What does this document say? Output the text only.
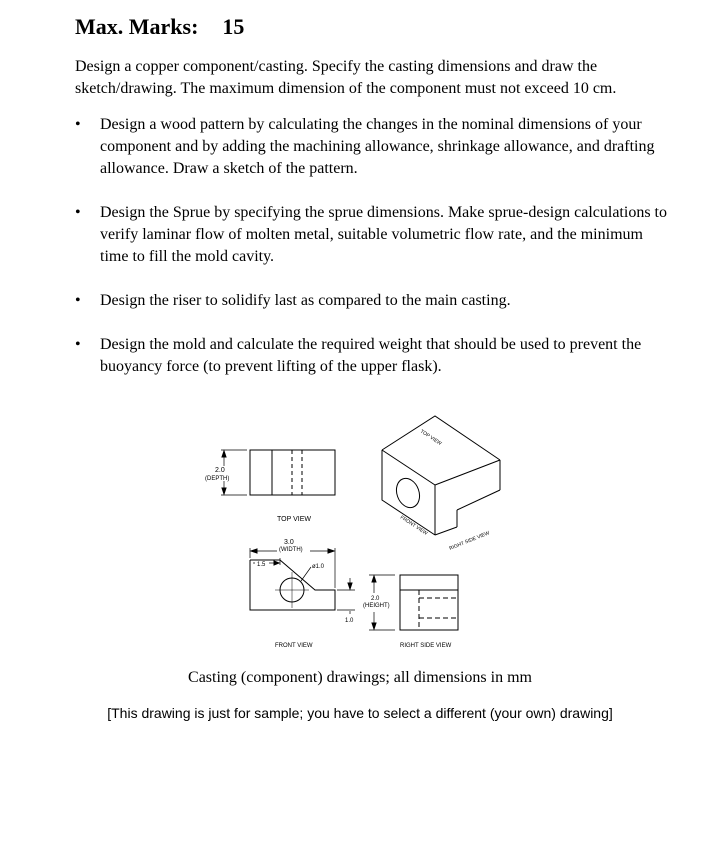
Max. Marks: 15
Design a copper component/casting. Specify the casting dimensions and draw the sketch/drawing. The maximum dimension of the component must not exceed 10 cm.
• Design a wood pattern by calculating the changes in the nominal dimensions of your component and by adding the machining allowance, shrinkage allowance, and drafting allowance. Draw a sketch of the pattern.
• Design the Sprue by specifying the sprue dimensions. Make sprue-design calculations to verify laminar flow of molten metal, suitable volumetric flow rate, and the minimum time to fill the mold cavity.
• Design the riser to solidify last as compared to the main casting.
• Design the mold and calculate the required weight that should be used to prevent the buoyancy force (to prevent lifting of the upper flask).
2.0
(DEPTH)
TOP VIEW
3.0
(WIDTH)
1.5	ø1.0
1.0
2.0
(HEIGHT)
FRONT VIEW	RIGHT SIDE VIEW
TOP VIEW
FRONT VIEW
RIGHT SIDE VIEW
Casting (component) drawings; all dimensions in mm
[This drawing is just for sample; you have to select a different (your own) drawing]
